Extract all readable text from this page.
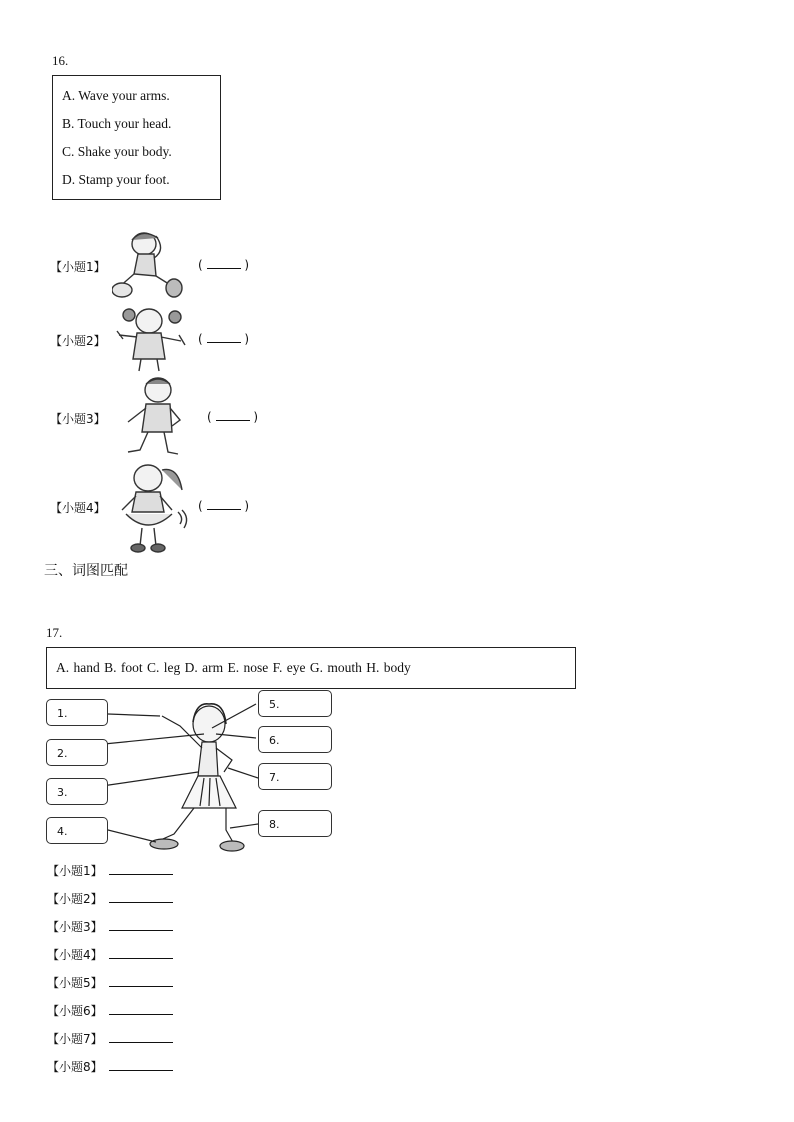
16.
A. Wave your arms.
B. Touch your head.
C. Shake your body.
D. Stamp your foot.
【小题1】	(	)
【小题2】	(	)
【小题3】	(	)
【小题4】	(	)
三、词图匹配
17.
A. hand B. foot C. leg D. arm E. nose F. eye G. mouth H. body
1.
2.
3.
4.
5.
6.
7.
8.
【小题1】
【小题2】
【小题3】
【小题4】
【小题5】
【小题6】
【小题7】
【小题8】
